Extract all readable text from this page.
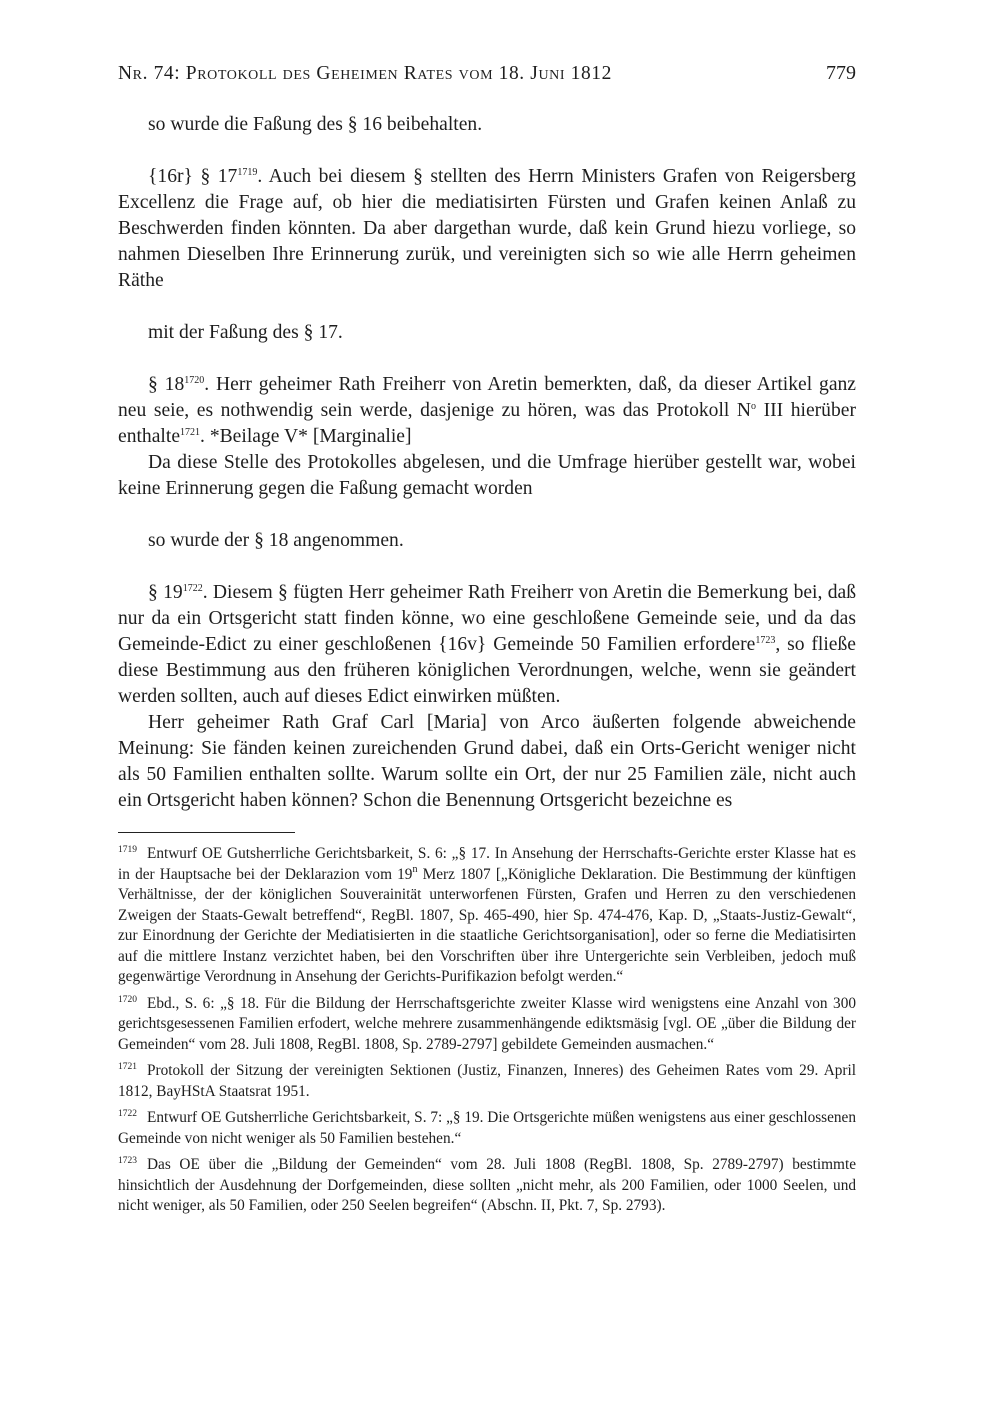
Nr. 74: Protokoll des Geheimen Rates vom 18. Juni 1812	779

so wurde die Faßung des § 16 beibehalten.

{16r} § $17^{1719}$. Auch bei diesem § stellten des Herrn Ministers Grafen von Reigersberg Excellenz die Frage auf, ob hier die mediatisirten Fürsten und Grafen keinen Anlaß zu Beschwerden finden könnten. Da aber dargethan wurde, daß kein Grund hiezu vorliege, so nahmen Dieselben Ihre Erinnerung zurük, und vereinigten sich so wie alle Herrn geheimen Räthe

mit der Faßung des § 17.

§ $18^{1720}$. Herr geheimer Rath Freiherr von Aretin bemerkten, daß, da dieser Artikel ganz neu seie, es nothwendig sein werde, dasjenige zu hören, was das Protokoll $N^o$ III hierüber enthalte$^{1721}$. *Beilage V* [Marginalie]

Da diese Stelle des Protokolles abgelesen, und die Umfrage hierüber gestellt war, wobei keine Erinnerung gegen die Faßung gemacht worden

so wurde der § 18 angenommen.

§ $19^{1722}$. Diesem § fügten Herr geheimer Rath Freiherr von Aretin die Bemerkung bei, daß nur da ein Ortsgericht statt finden könne, wo eine geschloßene Gemeinde seie, und da das Gemeinde-Edict zu einer geschloßenen {16v} Gemeinde 50 Familien erfordere$^{1723}$, so fließe diese Bestimmung aus den früheren königlichen Verordnungen, welche, wenn sie geändert werden sollten, auch auf dieses Edict einwirken müßten.

Herr geheimer Rath Graf Carl [Maria] von Arco äußerten folgende abweichende Meinung: Sie fänden keinen zureichenden Grund dabei, daß ein Orts-Gericht weniger nicht als 50 Familien enthalten sollte. Warum sollte ein Ort, der nur 25 Familien zäle, nicht auch ein Ortsgericht haben können? Schon die Benennung Ortsgericht bezeichne es

$^{1719}$ Entwurf OE Gutsherrliche Gerichtsbarkeit, S. 6: „§ 17. In Ansehung der Herrschafts-Gerichte erster Klasse hat es in der Hauptsache bei der Deklarazion vom 19$^n$ Merz 1807 [„Königliche Deklaration. Die Bestimmung der künftigen Verhältnisse, der der königlichen Souverainität unterworfenen Fürsten, Grafen und Herren zu den verschiedenen Zweigen der Staats-Gewalt betreffend“, RegBl. 1807, Sp. 465-490, hier Sp. 474-476, Kap. D, „Staats-Justiz-Gewalt“, zur Einordnung der Gerichte der Mediatisierten in die staatliche Gerichtsorganisation], oder so ferne die Mediatisirten auf die mittlere Instanz verzichtet haben, bei den Vorschriften über ihre Untergerichte sein Verbleiben, jedoch muß gegenwärtige Verordnung in Ansehung der Gerichts-Purifikazion befolgt werden.“

$^{1720}$ Ebd., S. 6: „§ 18. Für die Bildung der Herrschaftsgerichte zweiter Klasse wird wenigstens eine Anzahl von 300 gerichtsgesessenen Familien erfodert, welche mehrere zusammenhängende ediktsmäsig [vgl. OE „über die Bildung der Gemeinden“ vom 28. Juli 1808, RegBl. 1808, Sp. 2789-2797] gebildete Gemeinden ausmachen.“

$^{1721}$ Protokoll der Sitzung der vereinigten Sektionen (Justiz, Finanzen, Inneres) des Geheimen Rates vom 29. April 1812, BayHStA Staatsrat 1951.

$^{1722}$ Entwurf OE Gutsherrliche Gerichtsbarkeit, S. 7: „§ 19. Die Ortsgerichte müßen wenigstens aus einer geschlossenen Gemeinde von nicht weniger als 50 Familien bestehen.“

$^{1723}$ Das OE über die „Bildung der Gemeinden“ vom 28. Juli 1808 (RegBl. 1808, Sp. 2789-2797) bestimmte hinsichtlich der Ausdehnung der Dorfgemeinden, diese sollten „nicht mehr, als 200 Familien, oder 1000 Seelen, und nicht weniger, als 50 Familien, oder 250 Seelen begreifen“ (Abschn. II, Pkt. 7, Sp. 2793).
